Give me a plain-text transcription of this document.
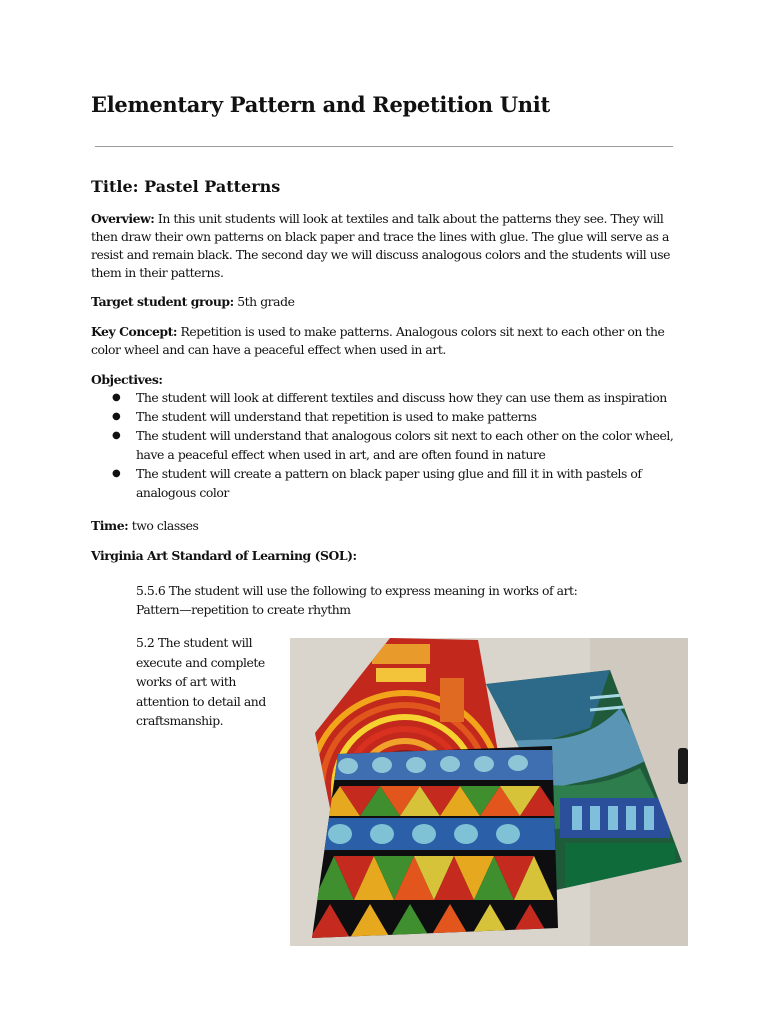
Elementary Pattern and Repetition Unit
Title: Pastel Patterns

Overview: In this unit students will look at textiles and talk about the patterns they see. They will then draw their own patterns on black paper and trace the lines with glue. The glue will serve as a resist and remain black. The second day we will discuss analogous colors and the students will use them in their patterns.

Target student group: 5th grade

Key Concept: Repetition is used to make patterns. Analogous colors sit next to each other on the color wheel and can have a peaceful effect when used in art.

Objectives:

● The student will look at different textiles and discuss how they can use them as inspiration
● The student will understand that repetition is used to make patterns
● The student will understand that analogous colors sit next to each other on the color wheel, have a peaceful effect when used in art, and are often found in nature
● The student will create a pattern on black paper using glue and fill it in with pastels of analogous color

Time: two classes

Virginia Art Standard of Learning (SOL):

5.5.6 The student will use the following to express meaning in works of art:
Pattern—repetition to create rhythm

5.2 The student will execute and complete works of art with attention to detail and craftsmanship.
